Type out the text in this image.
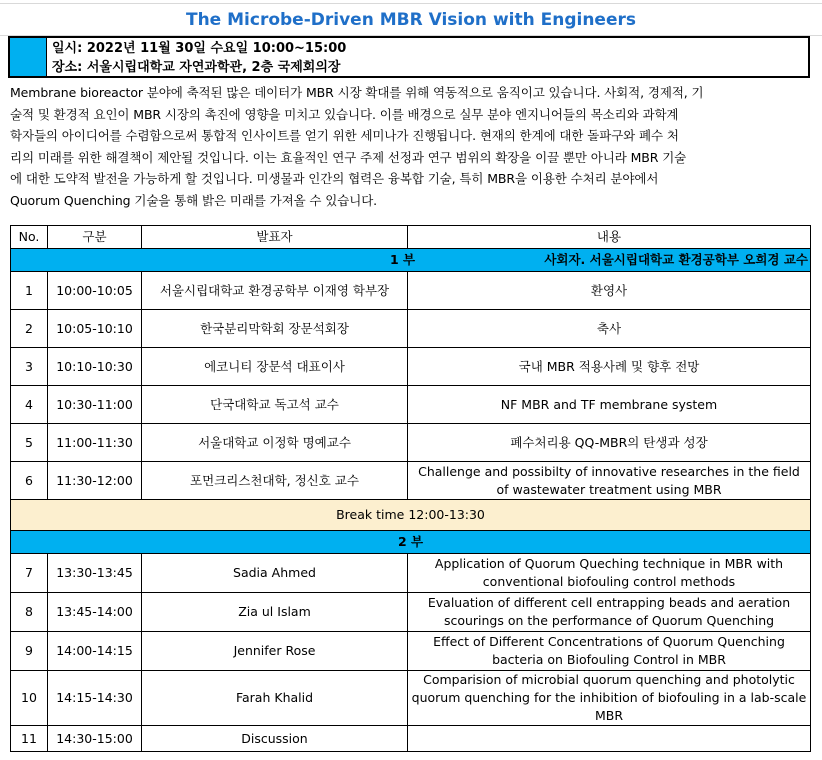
The Microbe-Driven MBR Vision with Engineers
일시: 2022년 11월 30일 수요일 10:00~15:00
장소: 서울시립대학교 자연과학관, 2층 국제회의장
Membrane bioreactor 분야에 축적된 많은 데이터가 MBR 시장 확대를 위해 역동적으로 움직이고 있습니다. 사회적, 경제적, 기
술적 및 환경적 요인이 MBR 시장의 촉진에 영향을 미치고 있습니다. 이를 배경으로 실무 분야 엔지니어들의 목소리와 과학계
학자들의 아이디어를 수렴함으로써 통합적 인사이트를 얻기 위한 세미나가 진행됩니다. 현재의 한계에 대한 돌파구와 폐수 처
리의 미래를 위한 해결책이 제안될 것입니다. 이는 효율적인 연구 주제 선정과 연구 범위의 확장을 이끌 뿐만 아니라 MBR 기술
에 대한 도약적 발전을 가능하게 할 것입니다. 미생물과 인간의 협력은 융복합 기술, 특히 MBR을 이용한 수처리 분야에서
Quorum Quenching 기술을 통해 밝은 미래를 가져올 수 있습니다.
No.	구분	발표자	내용

1 부 사회자. 서울시립대학교 환경공학부 오희경 교수			

1	10:00-10:05	서울시립대학교 환경공학부 이재영 학부장	환영사
2	10:05-10:10	한국분리막학회 장문석회장	축사
3	10:10-10:30	에코니티 장문석 대표이사	국내 MBR 적용사례 및 향후 전망
4	10:30-11:00	단국대학교 독고석 교수	NF MBR and TF membrane system
5	11:00-11:30	서울대학교 이정학 명예교수	폐수처리용 QQ-MBR의 탄생과 성장
6	11:30-12:00	포먼크리스천대학, 정신호 교수	Challenge and possibilty of innovative researches in the field of wastewater treatment using MBR
Break time 12:00-13:30			
2 부			
7	13:30-13:45	Sadia Ahmed	Application of Quorum Queching technique in MBR with conventional biofouling control methods
8	13:45-14:00	Zia ul Islam	Evaluation of different cell entrapping beads and aeration scourings on the performance of Quorum Quenching
9	14:00-14:15	Jennifer Rose	Effect of Different Concentrations of Quorum Quenching bacteria on Biofouling Control in MBR
10	14:15-14:30	Farah Khalid	Comparision of microbial quorum quenching and photolytic quorum quenching for the inhibition of biofouling in a lab-scale MBR
11	14:30-15:00	Discussion	
